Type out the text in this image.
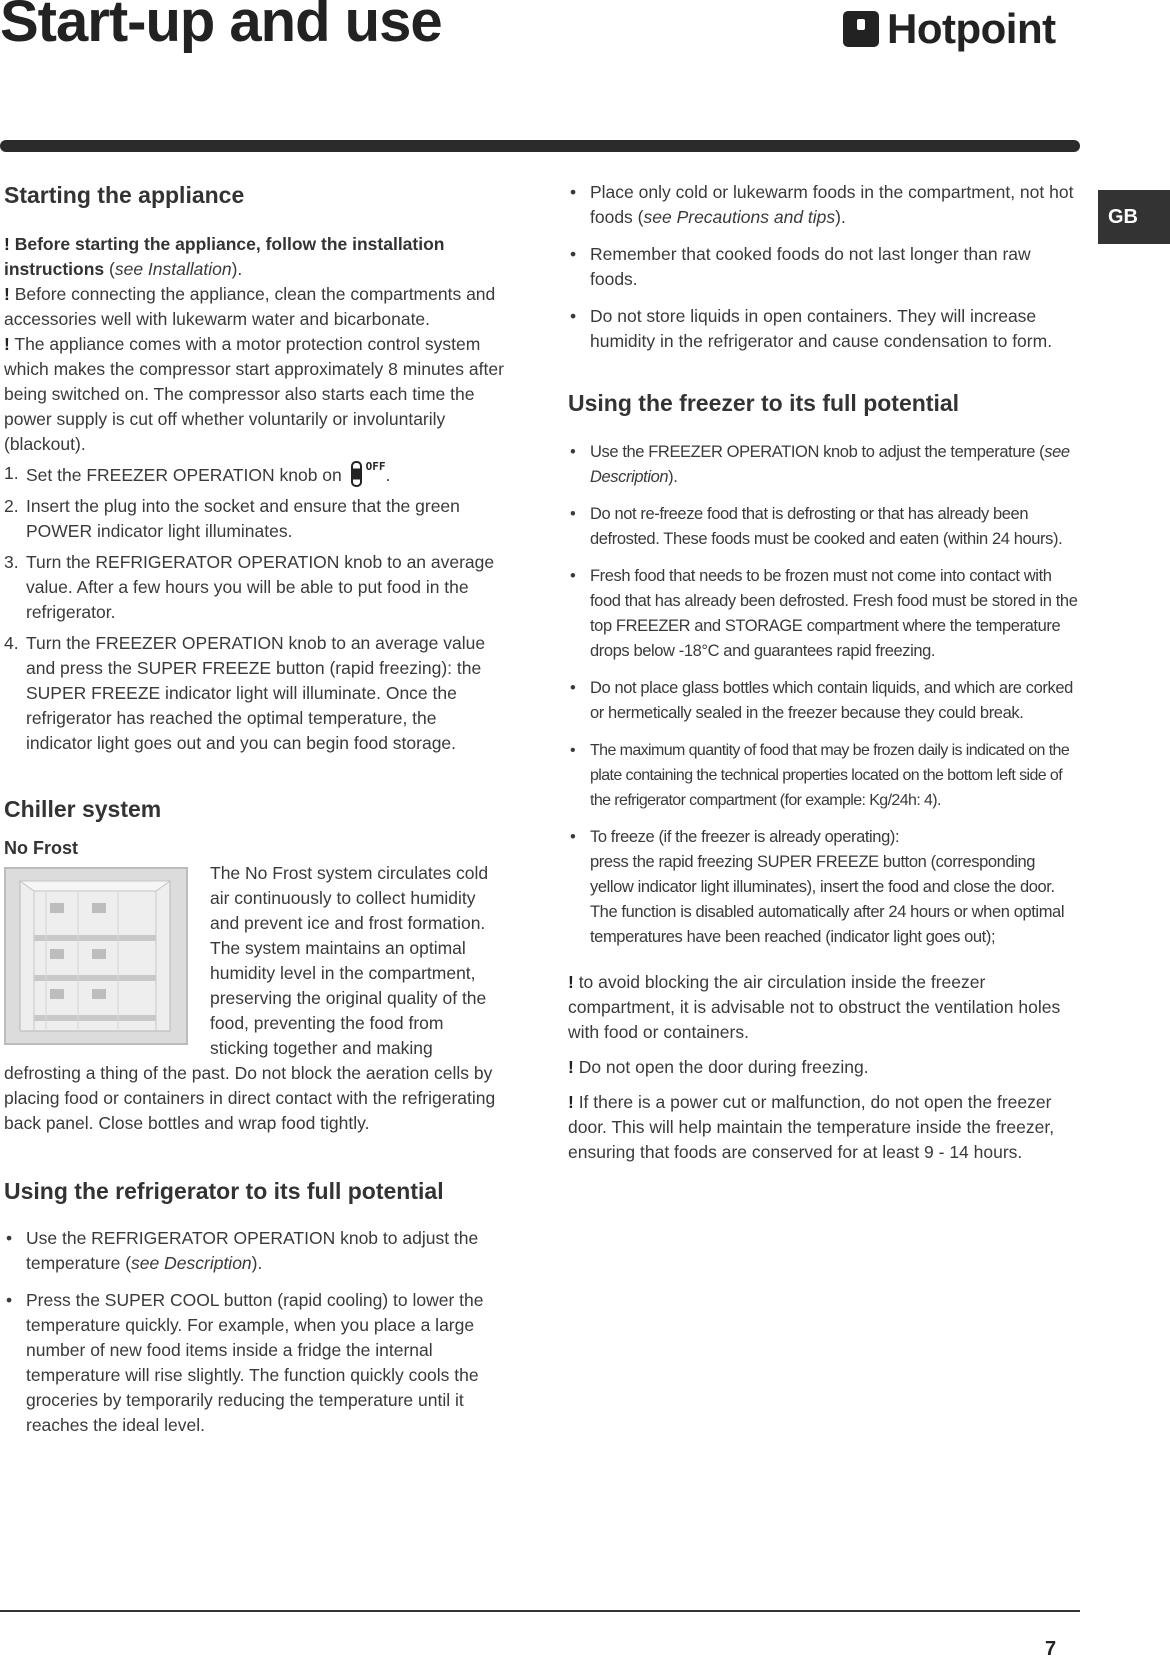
Start-up and use	Hotpoint
GB
Starting the appliance

! Before starting the appliance, follow the installation instructions (see Installation).

! Before connecting the appliance, clean the compartments and accessories well with lukewarm water and bicarbonate.

! The appliance comes with a motor protection control system which makes the compressor start approximately 8 minutes after being switched on. The compressor also starts each time the power supply is cut off whether voluntarily or involuntarily (blackout).

1. Set the FREEZER OPERATION knob on OFF .
2. Insert the plug into the socket and ensure that the green POWER indicator light illuminates.
3. Turn the REFRIGERATOR OPERATION knob to an average value. After a few hours you will be able to put food in the refrigerator.
4. Turn the FREEZER OPERATION knob to an average value and press the SUPER FREEZE button (rapid freezing): the SUPER FREEZE indicator light will illuminate. Once the refrigerator has reached the optimal temperature, the indicator light goes out and you can begin food storage.
Chiller system

No Frost

The No Frost system circulates cold air continuously to collect humidity and prevent ice and frost formation. The system maintains an optimal humidity level in the compartment, preserving the original quality of the food, preventing the food from sticking together and making defrosting a thing of the past. Do not block the aeration cells by placing food or containers in direct contact with the refrigerating back panel. Close bottles and wrap food tightly.

Using the refrigerator to its full potential
• Use the REFRIGERATOR OPERATION knob to adjust the temperature (see Description).
• Press the SUPER COOL button (rapid cooling) to lower the temperature quickly. For example, when you place a large number of new food items inside a fridge the internal temperature will rise slightly. The function quickly cools the groceries by temporarily reducing the temperature until it reaches the ideal level.
• Place only cold or lukewarm foods in the compartment, not hot foods (see Precautions and tips).
• Remember that cooked foods do not last longer than raw foods.
• Do not store liquids in open containers. They will increase humidity in the refrigerator and cause condensation to form.
Using the freezer to its full potential
• Use the FREEZER OPERATION knob to adjust the temperature (see Description).
• Do not re-freeze food that is defrosting or that has already been defrosted. These foods must be cooked and eaten (within 24 hours).
• Fresh food that needs to be frozen must not come into contact with food that has already been defrosted. Fresh food must be stored in the top FREEZER and STORAGE compartment where the temperature drops below -18°C and guarantees rapid freezing.
• Do not place glass bottles which contain liquids, and which are corked or hermetically sealed in the freezer because they could break.
• The maximum quantity of food that may be frozen daily is indicated on the plate containing the technical properties located on the bottom left side of the refrigerator compartment (for example: Kg/24h: 4).
• To freeze (if the freezer is already operating):
press the rapid freezing SUPER FREEZE button (corresponding yellow indicator light illuminates), insert the food and close the door. The function is disabled automatically after 24 hours or when optimal temperatures have been reached (indicator light goes out);

! to avoid blocking the air circulation inside the freezer compartment, it is advisable not to obstruct the ventilation holes with food or containers.

! Do not open the door during freezing.

! If there is a power cut or malfunction, do not open the freezer door. This will help maintain the temperature inside the freezer, ensuring that foods are conserved for at least 9 - 14 hours.

7
